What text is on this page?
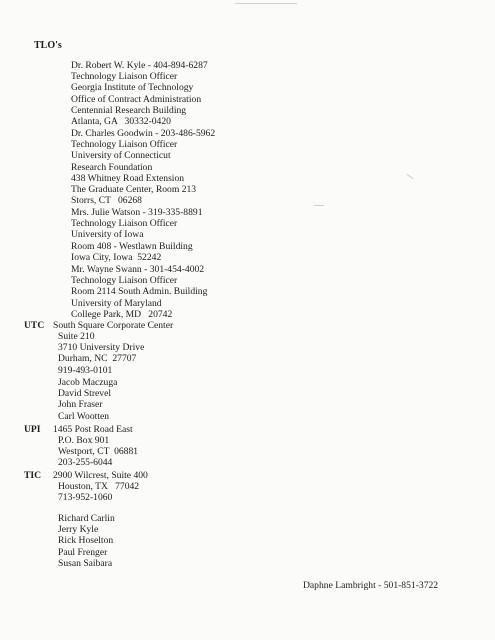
TLO's
Dr. Robert W. Kyle - 404-894-6287
Technology Liaison Officer
Georgia Institute of Technology
Office of Contract Administration
Centennial Research Building
Atlanta, GA   30332-0420
Dr. Charles Goodwin - 203-486-5962
Technology Liaison Officer
University of Connecticut
Research Foundation
438 Whitney Road Extension
The Graduate Center, Room 213
Storrs, CT   06268
Mrs. Julie Watson - 319-335-8891
Technology Liaison Officer
University of Iowa
Room 408 - Westlawn Building
Iowa City, Iowa  52242
Mr. Wayne Swann - 301-454-4002
Technology Liaison Officer
Room 2114 South Admin. Building
University of Maryland
College Park, MD   20742
UTC South Square Corporate Center
Suite 210
3710 University Drive
Durham, NC  27707
919-493-0101
Jacob Maczuga
David Strevel
John Fraser
Carl Wootten
UPI 1465 Post Road East
P.O. Box 901
Westport, CT  06881
203-255-6044
TIC 2900 Wilcrest, Suite 400
Houston, TX   77042
713-952-1060
Richard Carlin
Jerry Kyle
Rick Hoselton
Paul Frenger
Susan Saibara
Daphne Lambright - 501-851-3722
